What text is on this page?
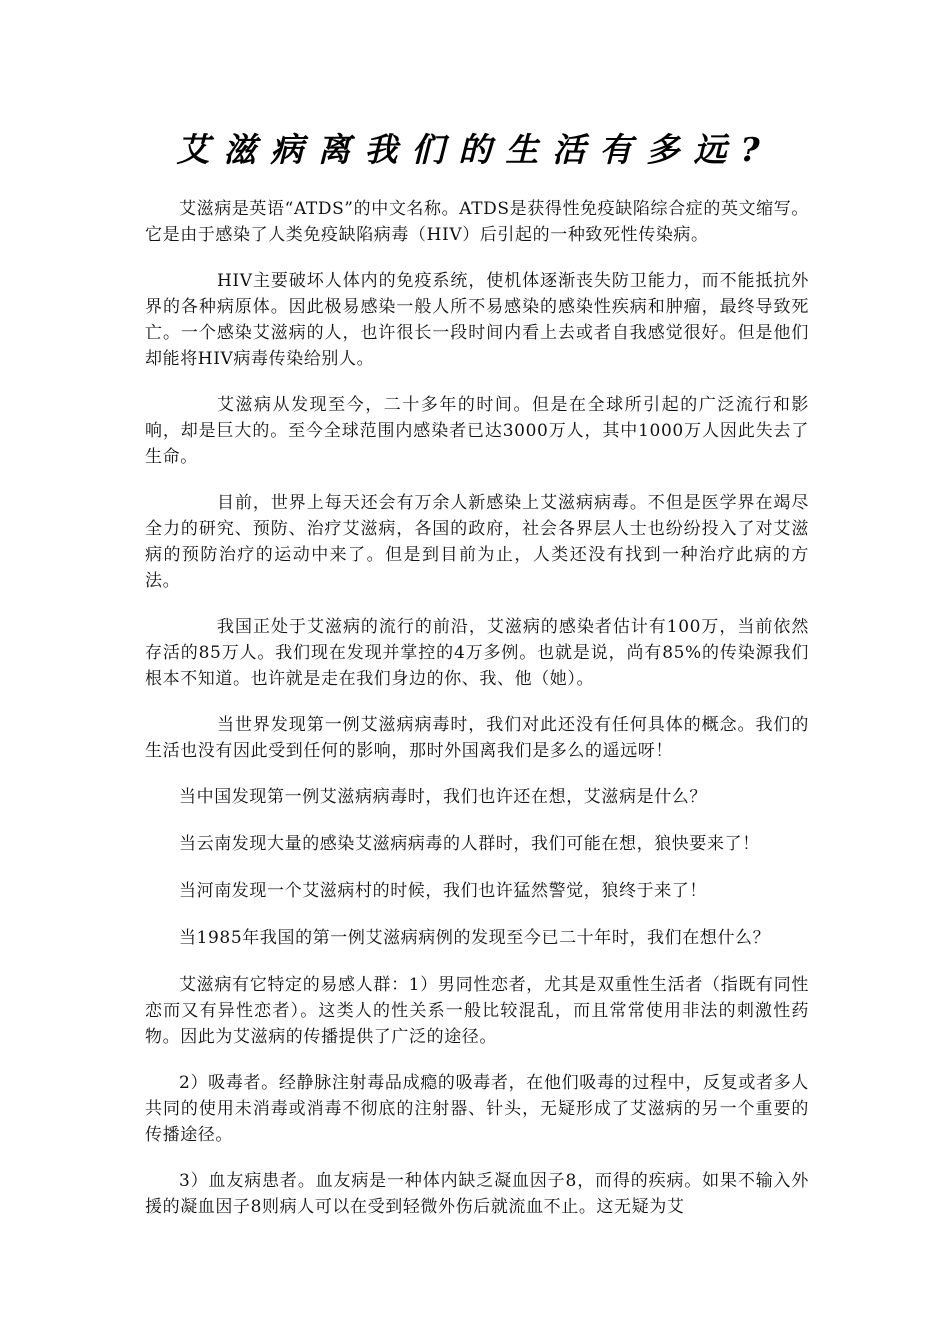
艾滋病离我们的生活有多远?

艾滋病是英语“ATDS”的中文名称。ATDS是获得性免疫缺陷综合症的英文缩写。它是由于感染了人类免疫缺陷病毒（HIV）后引起的一种致死性传染病。

HIV主要破坏人体内的免疫系统，使机体逐渐丧失防卫能力，而不能抵抗外界的各种病原体。因此极易感染一般人所不易感染的感染性疾病和肿瘤，最终导致死亡。一个感染艾滋病的人，也许很长一段时间内看上去或者自我感觉很好。但是他们却能将HIV病毒传染给别人。

艾滋病从发现至今，二十多年的时间。但是在全球所引起的广泛流行和影响，却是巨大的。至今全球范围内感染者已达3000万人，其中1000万人因此失去了生命。

目前，世界上每天还会有万余人新感染上艾滋病病毒。不但是医学界在竭尽全力的研究、预防、治疗艾滋病，各国的政府，社会各界层人士也纷纷投入了对艾滋病的预防治疗的运动中来了。但是到目前为止，人类还没有找到一种治疗此病的方法。

我国正处于艾滋病的流行的前沿，艾滋病的感染者估计有100万，当前依然存活的85万人。我们现在发现并掌控的4万多例。也就是说，尚有85%的传染源我们根本不知道。也许就是走在我们身边的你、我、他（她）。

当世界发现第一例艾滋病病毒时，我们对此还没有任何具体的概念。我们的生活也没有因此受到任何的影响，那时外国离我们是多么的遥远呀！

当中国发现第一例艾滋病病毒时，我们也许还在想，艾滋病是什么？

当云南发现大量的感染艾滋病病毒的人群时，我们可能在想，狼快要来了！

当河南发现一个艾滋病村的时候，我们也许猛然警觉，狼终于来了！

当1985年我国的第一例艾滋病病例的发现至今已二十年时，我们在想什么？

艾滋病有它特定的易感人群：1）男同性恋者，尤其是双重性生活者（指既有同性恋而又有异性恋者）。这类人的性关系一般比较混乱，而且常常使用非法的刺激性药物。因此为艾滋病的传播提供了广泛的途径。

2）吸毒者。经静脉注射毒品成瘾的吸毒者，在他们吸毒的过程中，反复或者多人共同的使用未消毒或消毒不彻底的注射器、针头，无疑形成了艾滋病的另一个重要的传播途径。

3）血友病患者。血友病是一种体内缺乏凝血因子8，而得的疾病。如果不输入外援的凝血因子8则病人可以在受到轻微外伤后就流血不止。这无疑为艾
